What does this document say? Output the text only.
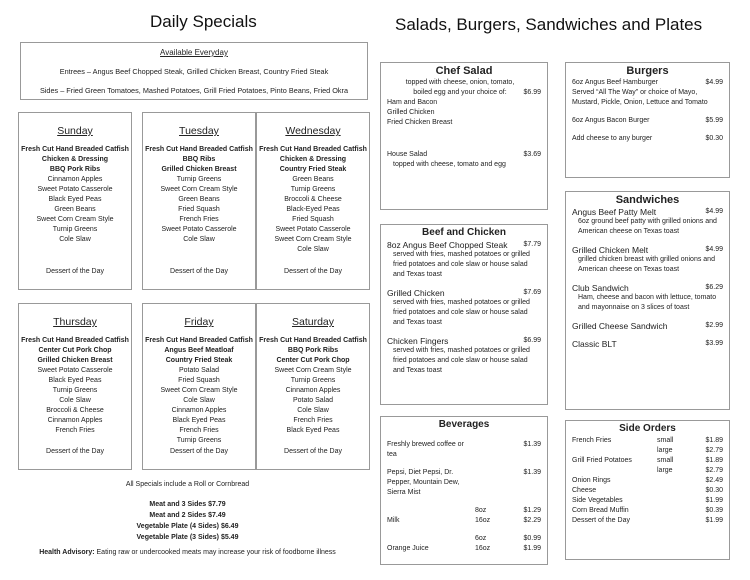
Daily Specials	Salads, Burgers, Sandwiches and Plates
Available Everyday
Entrees – Angus Beef Chopped Steak, Grilled Chicken Breast, Country Fried Steak
Sides – Fried Green Tomatoes, Mashed Potatoes, Grill Fried Potatoes, Pinto Beans, Fried Okra
Sunday
Fresh Cut Hand Breaded Catfish
Chicken & Dressing
BBQ Pork Ribs
Cinnamon Apples
Sweet Potato Casserole
Black Eyed Peas
Green Beans
Sweet Corn Cream Style
Turnip Greens
Cole Slaw
Dessert of the Day
Tuesday
Fresh Cut Hand Breaded Catfish
BBQ Ribs
Grilled Chicken Breast
Turnip Greens
Sweet Corn Cream Style
Green Beans
Fried Squash
French Fries
Sweet Potato Casserole
Cole Slaw
Dessert of the Day
Wednesday
Fresh Cut Hand Breaded Catfish
Chicken & Dressing
Country Fried Steak
Green Beans
Turnip Greens
Broccoli & Cheese
Black-Eyed Peas
Fried Squash
Sweet Potato Casserole
Sweet Corn Cream Style
Cole Slaw
Dessert of the Day
Thursday
Fresh Cut Hand Breaded Catfish
Center Cut Pork Chop
Grilled Chicken Breast
Sweet Potato Casserole
Black Eyed Peas
Turnip Greens
Cole Slaw
Broccoli & Cheese
Cinnamon Apples
French Fries
Dessert of the Day
Friday
Fresh Cut Hand Breaded Catfish
Angus Beef Meatloaf
Country Fried Steak
Potato Salad
Fried Squash
Sweet Corn Cream Style
Cole Slaw
Cinnamon Apples
Black Eyed Peas
French Fries
Turnip Greens
Dessert of the Day
Saturday
Fresh Cut Hand Breaded Catfish
BBQ Pork Ribs
Center Cut Pork Chop
Sweet Corn Cream Style
Turnip Greens
Cinnamon Apples
Potato Salad
Cole Slaw
French Fries
Black Eyed Peas
Dessert of the Day
All Specials include a Roll or Cornbread
Meat and 3 Sides $7.79
Meat and 2 Sides $7.49
Vegetable Plate (4 Sides) $6.49
Vegetable Plate (3 Sides) $5.49
Health Advisory: Eating raw or undercooked meats may increase your risk of foodborne illness
Chef Salad
topped with cheese, onion, tomato, boiled egg and your choice of:	$6.99
Ham and Bacon
Grilled Chicken
Fried Chicken Breast
House Salad	$3.69
topped with cheese, tomato and egg
Beef and Chicken
8oz Angus Beef Chopped Steak $7.79
served with fries, mashed potatoes or grilled fried potatoes and cole slaw or house salad and Texas toast
Grilled Chicken	$7.69
served with fries, mashed potatoes or grilled fried potatoes and cole slaw or house salad and Texas toast
Chicken Fingers	$6.99
served with fries, mashed potatoes or grilled fried potatoes and cole slaw or house salad and Texas toast
Beverages
Freshly brewed coffee or tea
$1.39
Pepsi, Diet Pepsi, Dr. Pepper, Mountain Dew, Sierra Mist
$1.39
8oz	$1.29
Milk	16oz	$2.29
6oz	$0.99
Orange Juice	16oz	$1.99
Burgers
6oz Angus Beef Hamburger	$4.99
Served “All The Way” or choice of Mayo, Mustard, Pickle, Onion, Lettuce and Tomato
6oz Angus Bacon Burger	$5.99
Add cheese to any burger	$0.30
Sandwiches
Angus Beef Patty Melt	$4.99
6oz ground beef patty with grilled onions and American cheese on Texas toast
Grilled Chicken Melt	$4.99
grilled chicken breast with grilled onions and American cheese on Texas toast
Club Sandwich	$6.29
Ham, cheese and bacon with lettuce, tomato and mayonnaise on 3 slices of toast
Grilled Cheese Sandwich	$2.99
Classic BLT	$3.99
Side Orders
French Fries	small	$1.89
large	$2.79
Grill Fried Potatoes	small	$1.89
large	$2.79
Onion Rings	$2.49
Cheese	$0.30
Side Vegetables	$1.99
Corn Bread Muffin	$0.39
Dessert of the Day	$1.99
